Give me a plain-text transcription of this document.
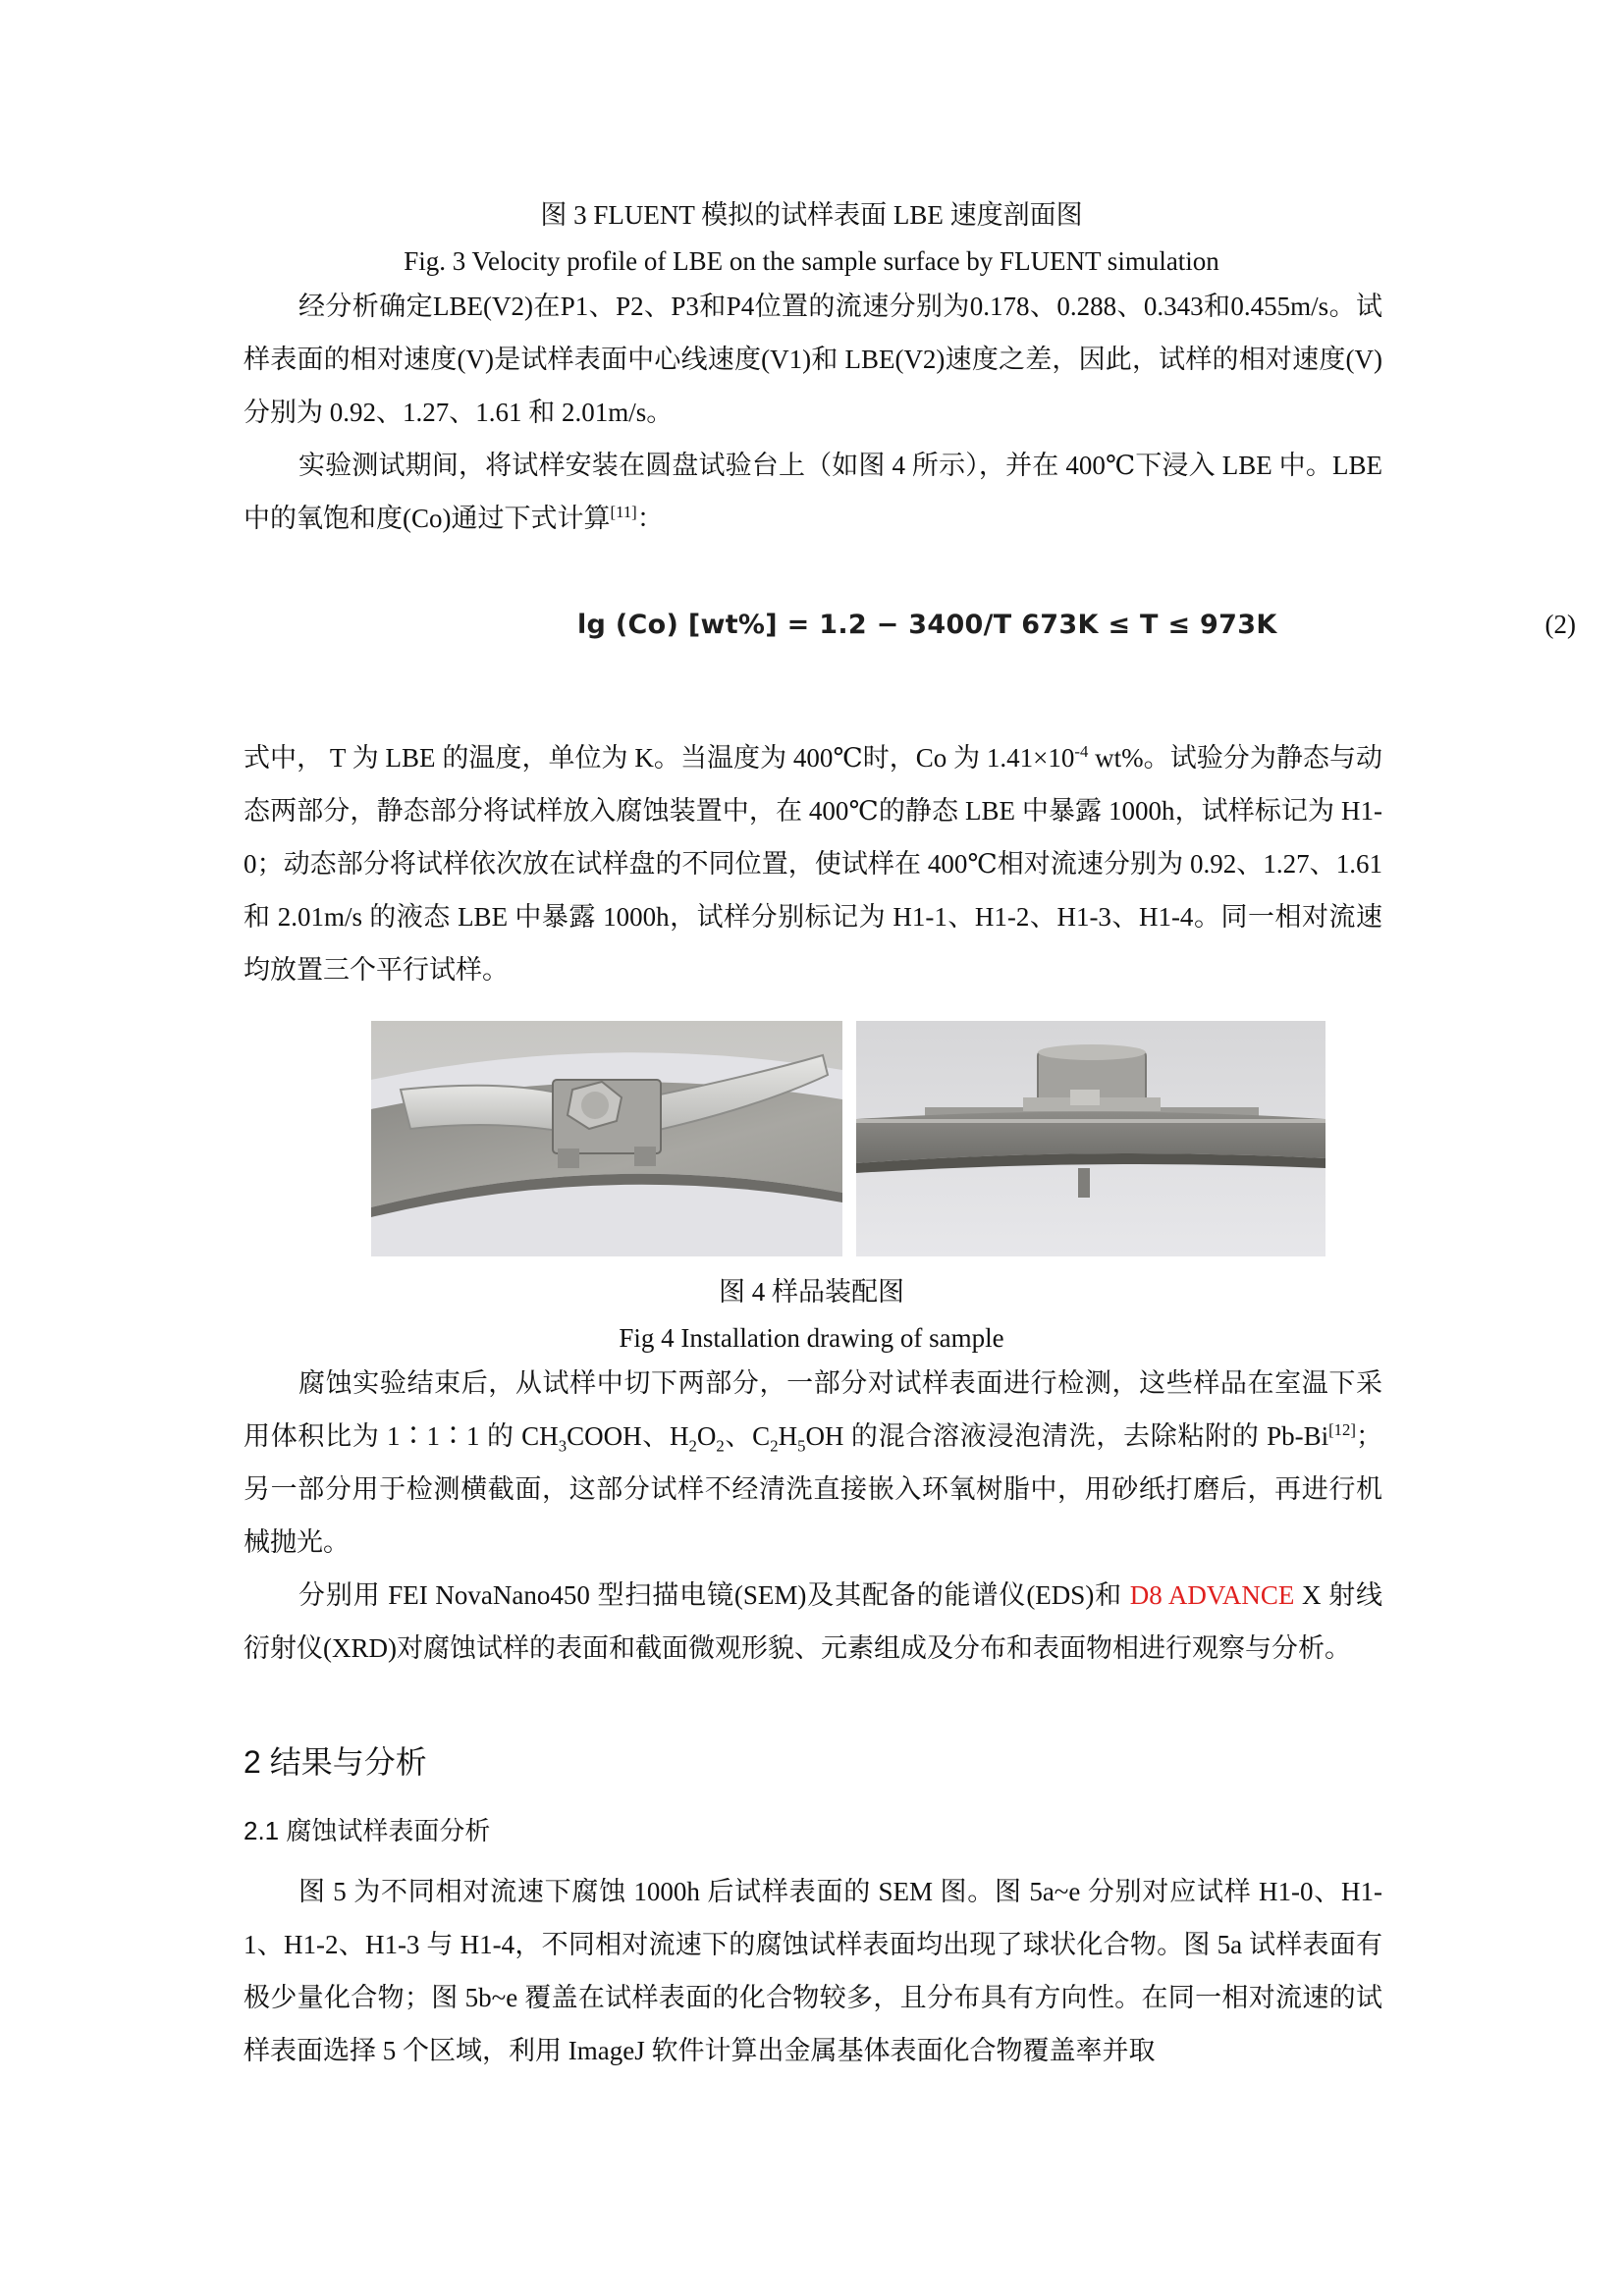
图 3 FLUENT 模拟的试样表面 LBE 速度剖面图
Fig. 3 Velocity profile of LBE on the sample surface by FLUENT simulation

经分析确定LBE(V2)在P1、P2、P3和P4位置的流速分别为0.178、0.288、0.343和0.455m/s。试样表面的相对速度(V)是试样表面中心线速度(V1)和 LBE(V2)速度之差，因此，试样的相对速度(V)分别为 0.92、1.27、1.61 和 2.01m/s。

实验测试期间，将试样安装在圆盘试验台上（如图 4 所示），并在 400℃下浸入 LBE 中。LBE 中的氧饱和度(Co)通过下式计算[11]：

lg (Co) [wt%] = 1.2 − 3400/T 673K ≤ T ≤ 973K	(2)

式中， T 为 LBE 的温度，单位为 K。当温度为 400℃时，Co 为 $1.41\times 10^{-4}$ wt%。试验分为静态与动态两部分，静态部分将试样放入腐蚀装置中，在 400℃的静态 LBE 中暴露 1000h，试样标记为 H1-0；动态部分将试样依次放在试样盘的不同位置，使试样在 400℃相对流速分别为 0.92、1.27、1.61 和 2.01m/s 的液态 LBE 中暴露 1000h，试样分别标记为 H1-1、H1-2、H1-3、H1-4。同一相对流速均放置三个平行试样。

图 4 样品装配图
Fig 4 Installation drawing of sample

腐蚀实验结束后，从试样中切下两部分，一部分对试样表面进行检测，这些样品在室温下采用体积比为 1∶1∶1 的 $CH_3COOH$、$H_2O_2$、$C_2H_5OH$ 的混合溶液浸泡清洗，去除粘附的 Pb-Bi[12]；另一部分用于检测横截面，这部分试样不经清洗直接嵌入环氧树脂中，用砂纸打磨后，再进行机械抛光。

分别用 FEI NovaNano450 型扫描电镜(SEM)及其配备的能谱仪(EDS)和 D8 ADVANCE X 射线衍射仪(XRD)对腐蚀试样的表面和截面微观形貌、元素组成及分布和表面物相进行观察与分析。

2 结果与分析
2.1 腐蚀试样表面分析

图 5 为不同相对流速下腐蚀 1000h 后试样表面的 SEM 图。图 5a~e 分别对应试样 H1-0、H1-1、H1-2、H1-3 与 H1-4，不同相对流速下的腐蚀试样表面均出现了球状化合物。图 5a 试样表面有极少量化合物；图 5b~e 覆盖在试样表面的化合物较多，且分布具有方向性。在同一相对流速的试样表面选择 5 个区域，利用 ImageJ 软件计算出金属基体表面化合物覆盖率并取
